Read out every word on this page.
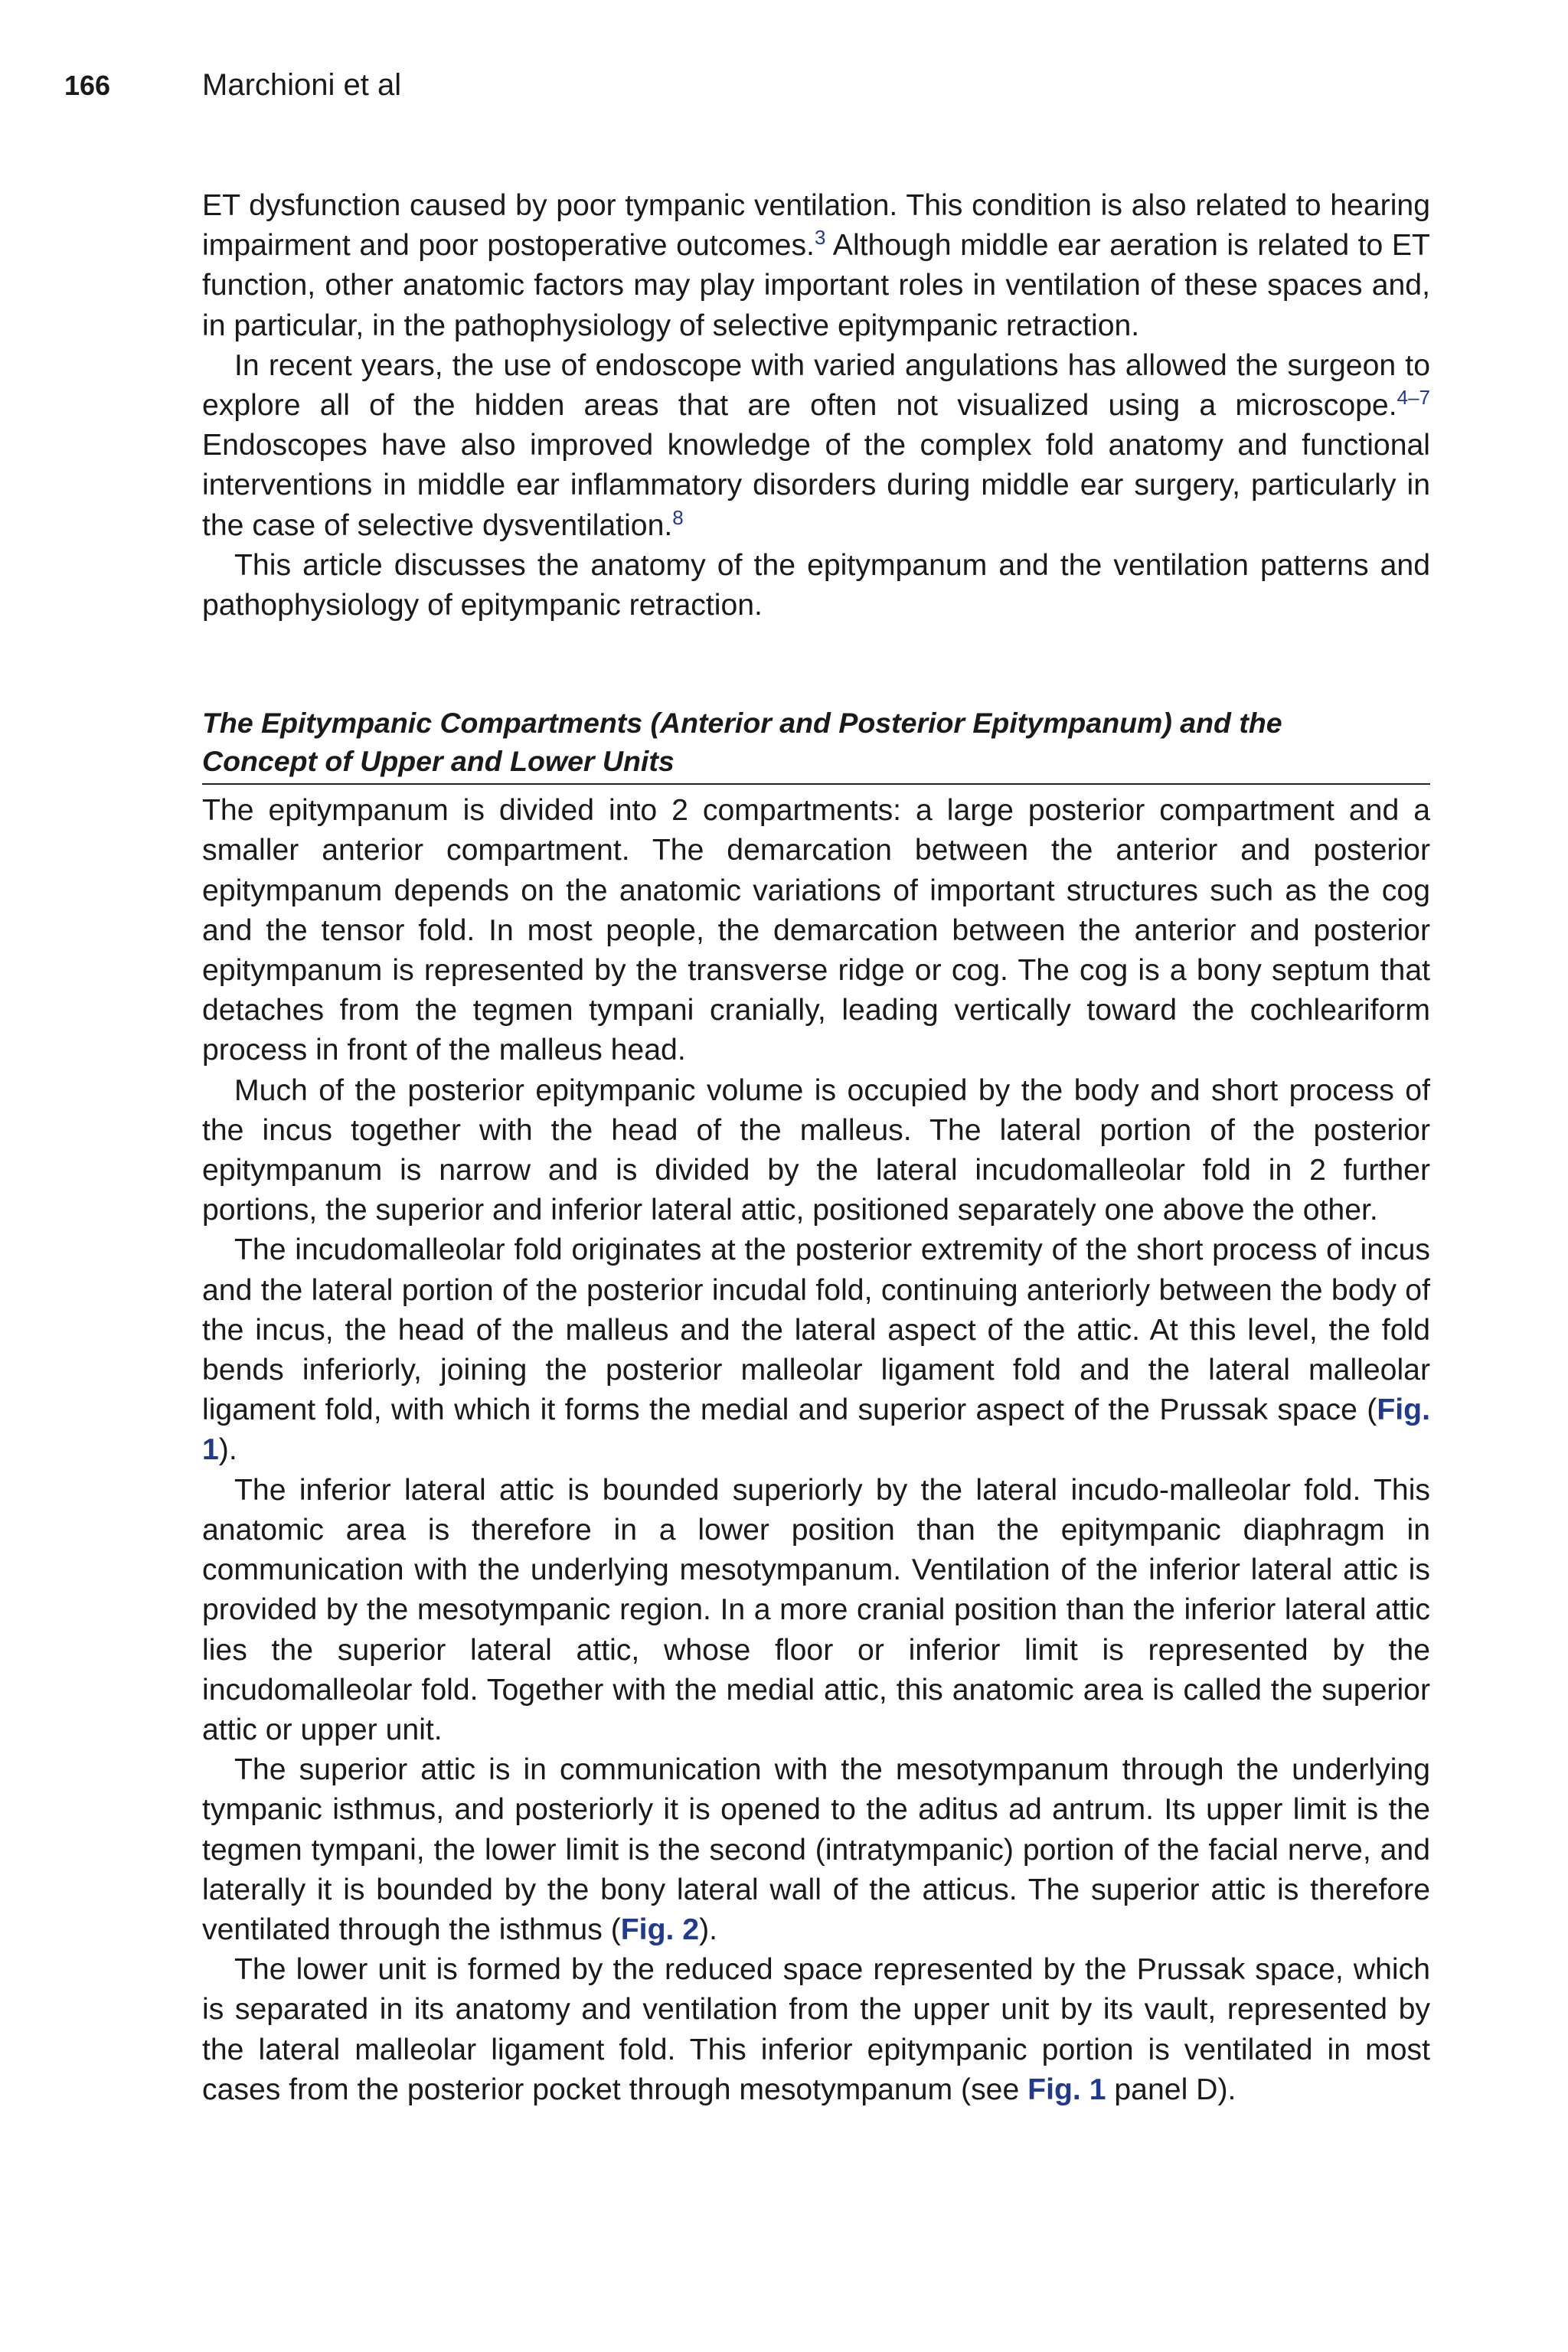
166	Marchioni et al

ET dysfunction caused by poor tympanic ventilation. This condition is also related to hearing impairment and poor postoperative outcomes.$^3$ Although middle ear aeration is related to ET function, other anatomic factors may play important roles in ventilation of these spaces and, in particular, in the pathophysiology of selective epitympanic retraction.

In recent years, the use of endoscope with varied angulations has allowed the surgeon to explore all of the hidden areas that are often not visualized using a microscope.$^{4-7}$ Endoscopes have also improved knowledge of the complex fold anatomy and functional interventions in middle ear inflammatory disorders during middle ear surgery, particularly in the case of selective dysventilation.$^8$

This article discusses the anatomy of the epitympanum and the ventilation patterns and pathophysiology of epitympanic retraction.

The Epitympanic Compartments (Anterior and Posterior Epitympanum) and the
Concept of Upper and Lower Units

The epitympanum is divided into 2 compartments: a large posterior compartment and a smaller anterior compartment. The demarcation between the anterior and posterior epitympanum depends on the anatomic variations of important structures such as the cog and the tensor fold. In most people, the demarcation between the anterior and posterior epitympanum is represented by the transverse ridge or cog. The cog is a bony septum that detaches from the tegmen tympani cranially, leading vertically toward the cochleariform process in front of the malleus head.

Much of the posterior epitympanic volume is occupied by the body and short process of the incus together with the head of the malleus. The lateral portion of the posterior epitympanum is narrow and is divided by the lateral incudomalleolar fold in 2 further portions, the superior and inferior lateral attic, positioned separately one above the other.

The incudomalleolar fold originates at the posterior extremity of the short process of incus and the lateral portion of the posterior incudal fold, continuing anteriorly between the body of the incus, the head of the malleus and the lateral aspect of the attic. At this level, the fold bends inferiorly, joining the posterior malleolar ligament fold and the lateral malleolar ligament fold, with which it forms the medial and superior aspect of the Prussak space (Fig. 1).

The inferior lateral attic is bounded superiorly by the lateral incudo-malleolar fold. This anatomic area is therefore in a lower position than the epitympanic diaphragm in communication with the underlying mesotympanum. Ventilation of the inferior lateral attic is provided by the mesotympanic region. In a more cranial position than the inferior lateral attic lies the superior lateral attic, whose floor or inferior limit is represented by the incudomalleolar fold. Together with the medial attic, this anatomic area is called the superior attic or upper unit.

The superior attic is in communication with the mesotympanum through the underlying tympanic isthmus, and posteriorly it is opened to the aditus ad antrum. Its upper limit is the tegmen tympani, the lower limit is the second (intratympanic) portion of the facial nerve, and laterally it is bounded by the bony lateral wall of the atticus. The superior attic is therefore ventilated through the isthmus (Fig. 2).

The lower unit is formed by the reduced space represented by the Prussak space, which is separated in its anatomy and ventilation from the upper unit by its vault, represented by the lateral malleolar ligament fold. This inferior epitympanic portion is ventilated in most cases from the posterior pocket through mesotympanum (see Fig. 1 panel D).
